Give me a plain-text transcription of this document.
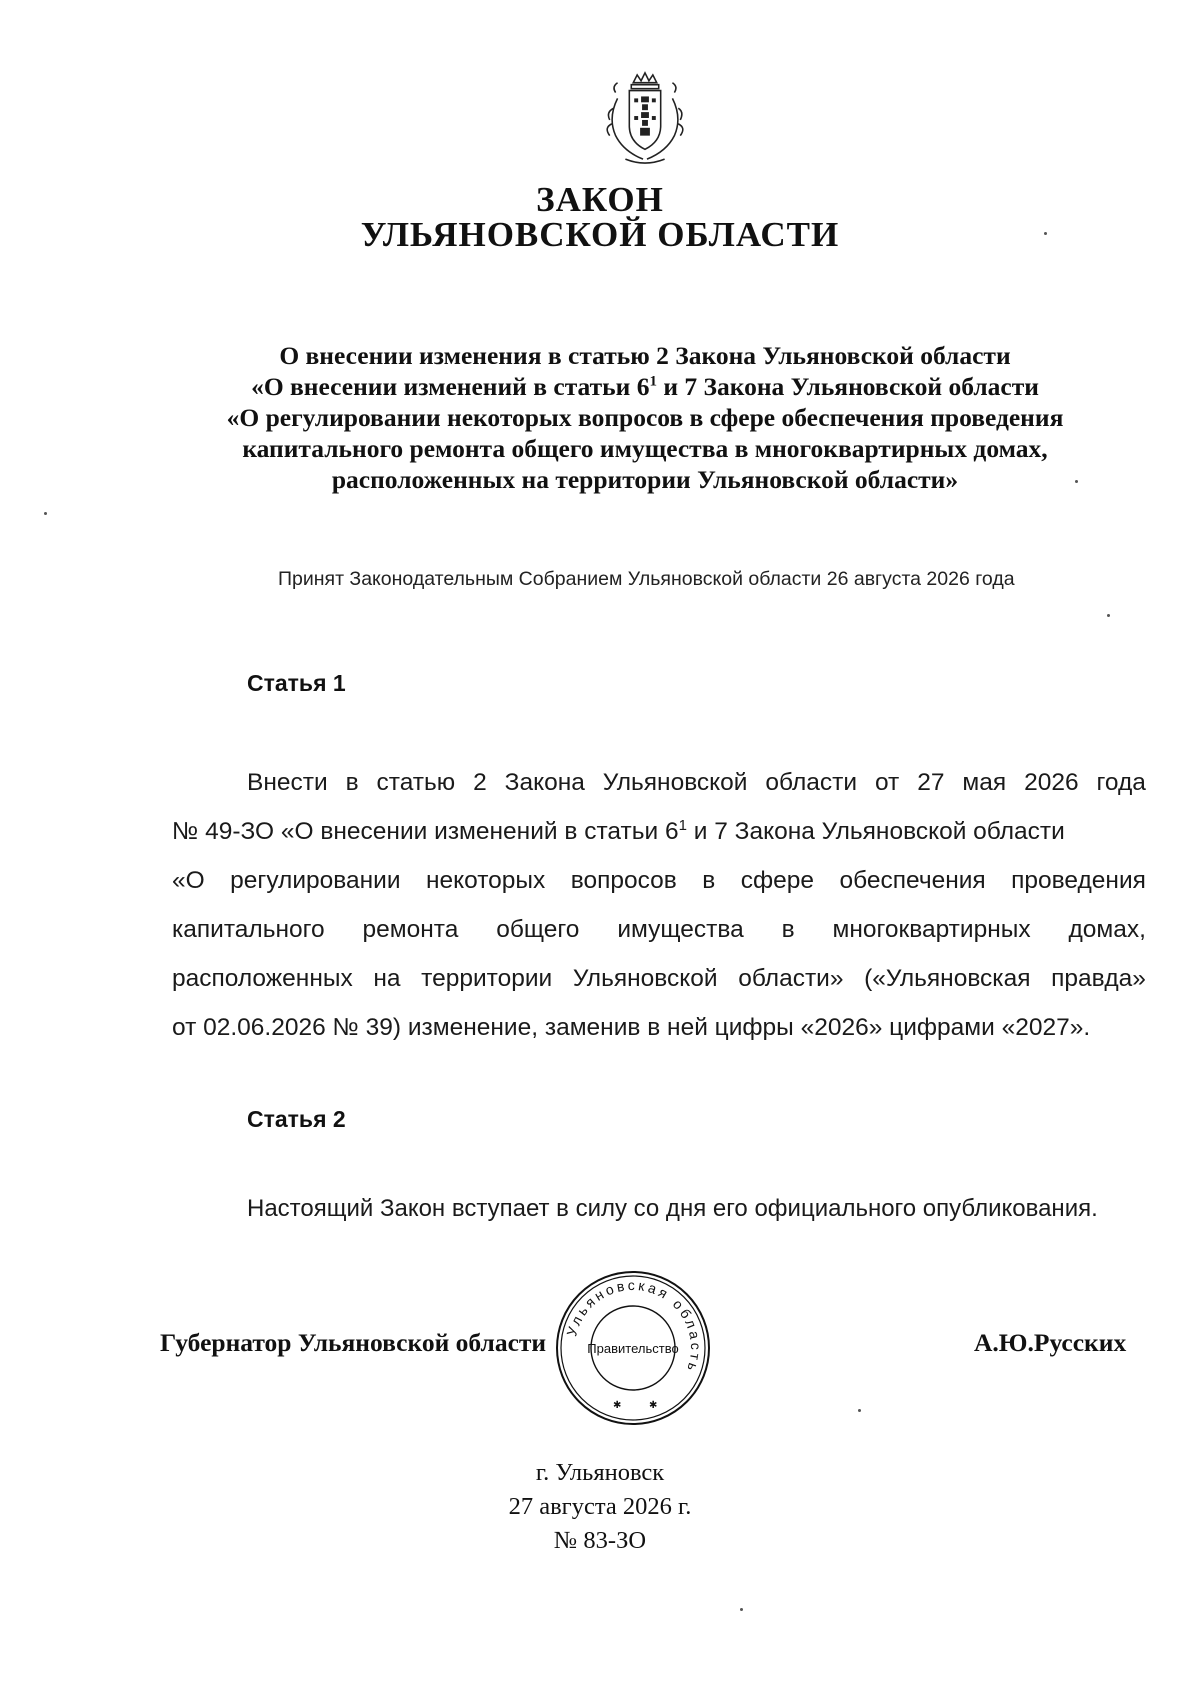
ЗАКОН
УЛЬЯНОВСКОЙ ОБЛАСТИ
О внесении изменения в статью 2 Закона Ульяновской области
«О внесении изменений в статьи $6^1$ и 7 Закона Ульяновской области
«О регулировании некоторых вопросов в сфере обеспечения проведения
капитального ремонта общего имущества в многоквартирных домах,
расположенных на территории Ульяновской области»
Принят Законодательным Собранием Ульяновской области 26 августа 2026 года
Статья 1
Внести в статью 2 Закона Ульяновской области от 27 мая 2026 года
№ 49-ЗО «О внесении изменений в статьи $6^1$ и 7 Закона Ульяновской области
«О регулировании некоторых вопросов в сфере обеспечения проведения
капитального ремонта общего имущества в многоквартирных домах,
расположенных на территории Ульяновской области» («Ульяновская правда»
от 02.06.2026 № 39) изменение, заменив в ней цифры «2026» цифрами «2027».
Статья 2
Настоящий Закон вступает в силу со дня его официального опубликования.
Губернатор Ульяновской области Ульяновская область
Правительство
✱	✱
А.Ю.Русских
г. Ульяновск
27 августа 2026 г.
№ 83-ЗО
